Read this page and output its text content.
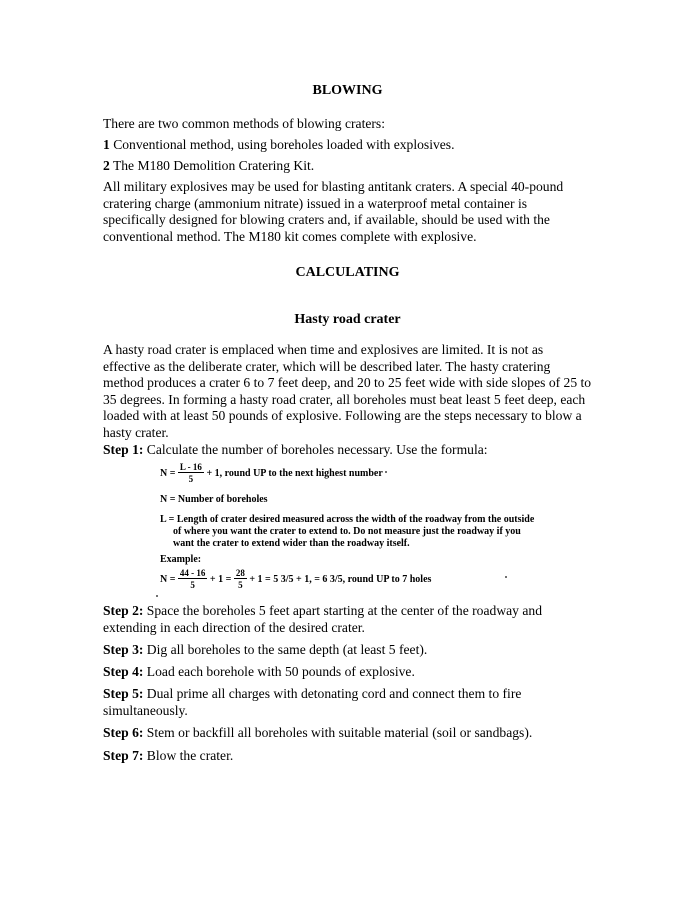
BLOWING

There are two common methods of blowing craters:

1 Conventional method, using boreholes loaded with explosives.

2 The M180 Demolition Cratering Kit.

All military explosives may be used for blasting antitank craters. A special 40-pound
cratering charge (ammonium nitrate) issued in a waterproof metal container is
specifically designed for blowing craters and, if available, should be used with the
conventional method. The M180 kit comes complete with explosive.
CALCULATING
Hasty road crater
A hasty road crater is emplaced when time and explosives are limited. It is not as
effective as the deliberate crater, which will be described later. The hasty cratering
method produces a crater 6 to 7 feet deep, and 20 to 25 feet wide with side slopes of 25 to
35 degrees. In forming a hasty road crater, all boreholes must beat least 5 feet deep, each
loaded with at least 50 pounds of explosive. Following are the steps necessary to blow a
hasty crater.

Step 1: Calculate the number of boreholes necessary. Use the formula:

$N = \frac{L - 16}{5} + 1$, round UP to the next highest number
N = Number of boreholes
L = Length of crater desired measured across the width of the roadway from the outside
of where you want the crater to extend to. Do not measure just the roadway if you
want the crater to extend wider than the roadway itself.
Example:
$N = \frac{44 - 16}{5} + 1 = \frac{28}{5} + 1 = 5$ 3/5 + 1, = 6 3/5, round UP to 7 holes
Step 2: Space the boreholes 5 feet apart starting at the center of the roadway and
extending in each direction of the desired crater.

Step 3: Dig all boreholes to the same depth (at least 5 feet).

Step 4: Load each borehole with 50 pounds of explosive.

Step 5: Dual prime all charges with detonating cord and connect them to fire
simultaneously.

Step 6: Stem or backfill all boreholes with suitable material (soil or sandbags).

Step 7: Blow the crater.
